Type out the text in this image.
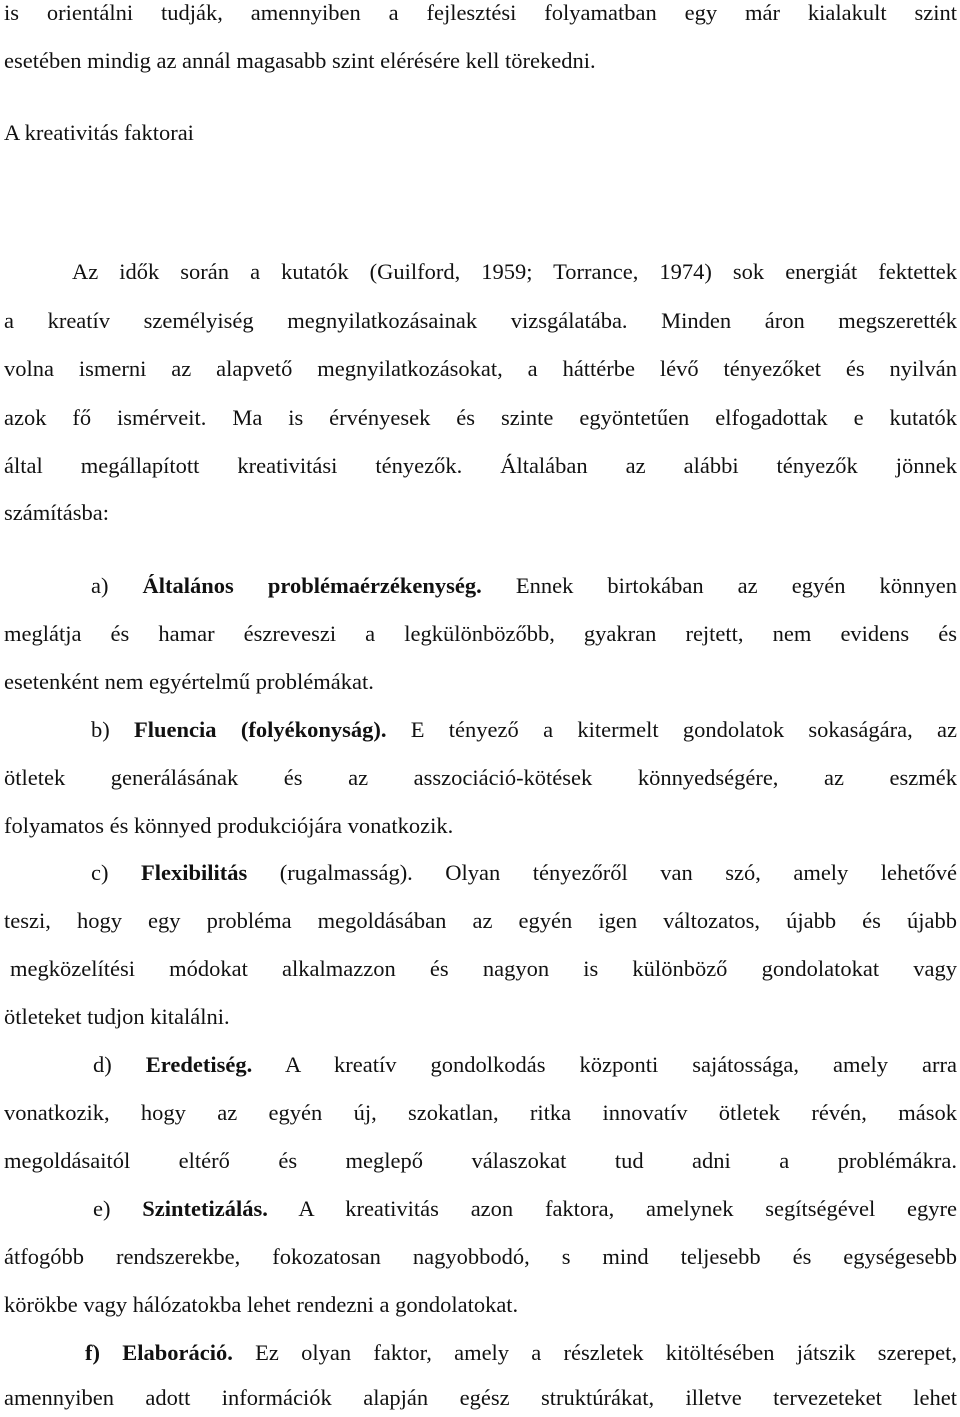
is orientálni tudják, amennyiben a fejlesztési folyamatban egy már kialakult szint
esetében mindig az annál magasabb szint elérésére kell törekedni.
A kreativitás faktorai
Az idők során a kutatók (Guilford, 1959; Torrance, 1974) sok energiát fektettek
a kreatív személyiség megnyilatkozásainak vizsgálatába. Minden áron megszerették
volna ismerni az alapvető megnyilatkozásokat, a háttérbe lévő tényezőket és nyilván
azok fő ismérveit. Ma is érvényesek és szinte egyöntetűen elfogadottak e kutatók
által megállapított kreativitási tényezők. Általában az alábbi tényezők jönnek
számításba:
a) Általános problémaérzékenység. Ennek birtokában az egyén könnyen
meglátja és hamar észreveszi a legkülönbözőbb, gyakran rejtett, nem evidens és
esetenként nem egyértelmű problémákat.
b) Fluencia (folyékonyság). E tényező a kitermelt gondolatok sokaságára, az
ötletek generálásának és az asszociáció-kötések könnyedségére, az eszmék
folyamatos és könnyed produkciójára vonatkozik.
c) Flexibilitás (rugalmasság). Olyan tényezőről van szó, amely lehetővé
teszi, hogy egy probléma megoldásában az egyén igen változatos, újabb és újabb
megközelítési módokat alkalmazzon és nagyon is különböző gondolatokat vagy
ötleteket tudjon kitalálni.
d) Eredetiség. A kreatív gondolkodás központi sajátossága, amely arra
vonatkozik, hogy az egyén új, szokatlan, ritka innovatív ötletek révén, mások
megoldásaitól eltérő és meglepő válaszokat tud adni a problémákra.
e) Szintetizálás. A kreativitás azon faktora, amelynek segítségével egyre
átfogóbb rendszerekbe, fokozatosan nagyobbodó, s mind teljesebb és egységesebb
körökbe vagy hálózatokba lehet rendezni a gondolatokat.
f) Elaboráció. Ez olyan faktor, amely a részletek kitöltésében játszik szerepet,
amennyiben adott információk alapján egész struktúrákat, illetve tervezeteket lehet
